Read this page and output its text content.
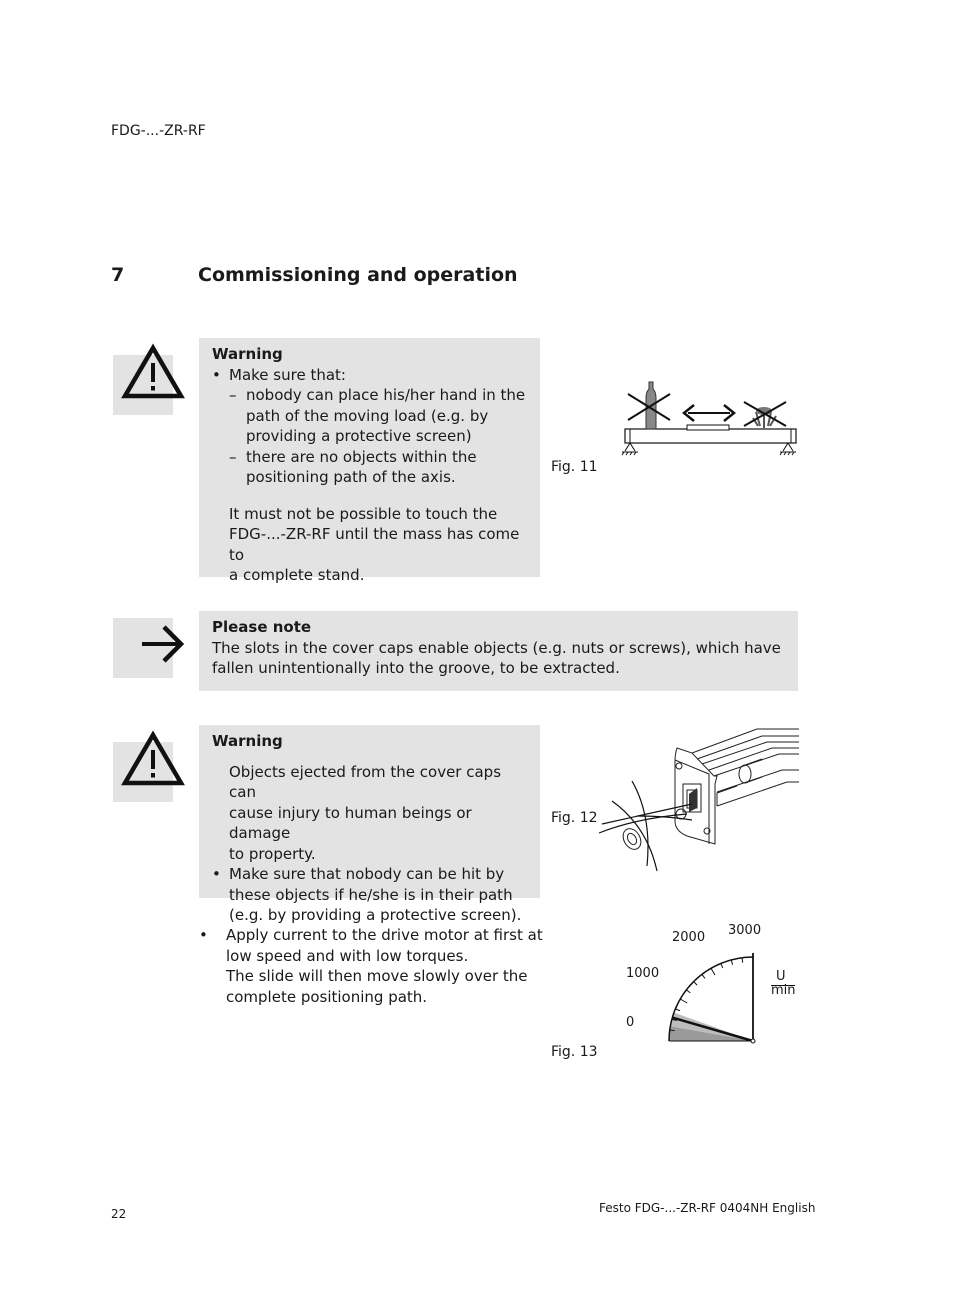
FDG-...-ZR-RF
7	Commissioning and operation
Warning
• Make sure that:
– nobody can place his/her hand in the
path of the moving load (e.g. by
providing a protective screen)
– there are no objects within the
positioning path of the axis.
It must not be possible to touch the
FDG-...-ZR-RF until the mass has come to
a complete stand.
Fig. 11
Please note
The slots in the cover caps enable objects (e.g. nuts or screws), which have
fallen unintentionally into the groove, to be extracted.
Warning
Objects ejected from the cover caps can
cause injury to human beings or damage
to property.
• Make sure that nobody can be hit by
these objects if he/she is in their path
(e.g. by providing a protective screen).
Fig. 12
•	Apply current to the drive motor at first at
low speed and with low torques.
The slide will then move slowly over the
complete positioning path.
Fig. 13
2000 3000
1000
0
U
min
22	Festo FDG-...-ZR-RF 0404NH English
